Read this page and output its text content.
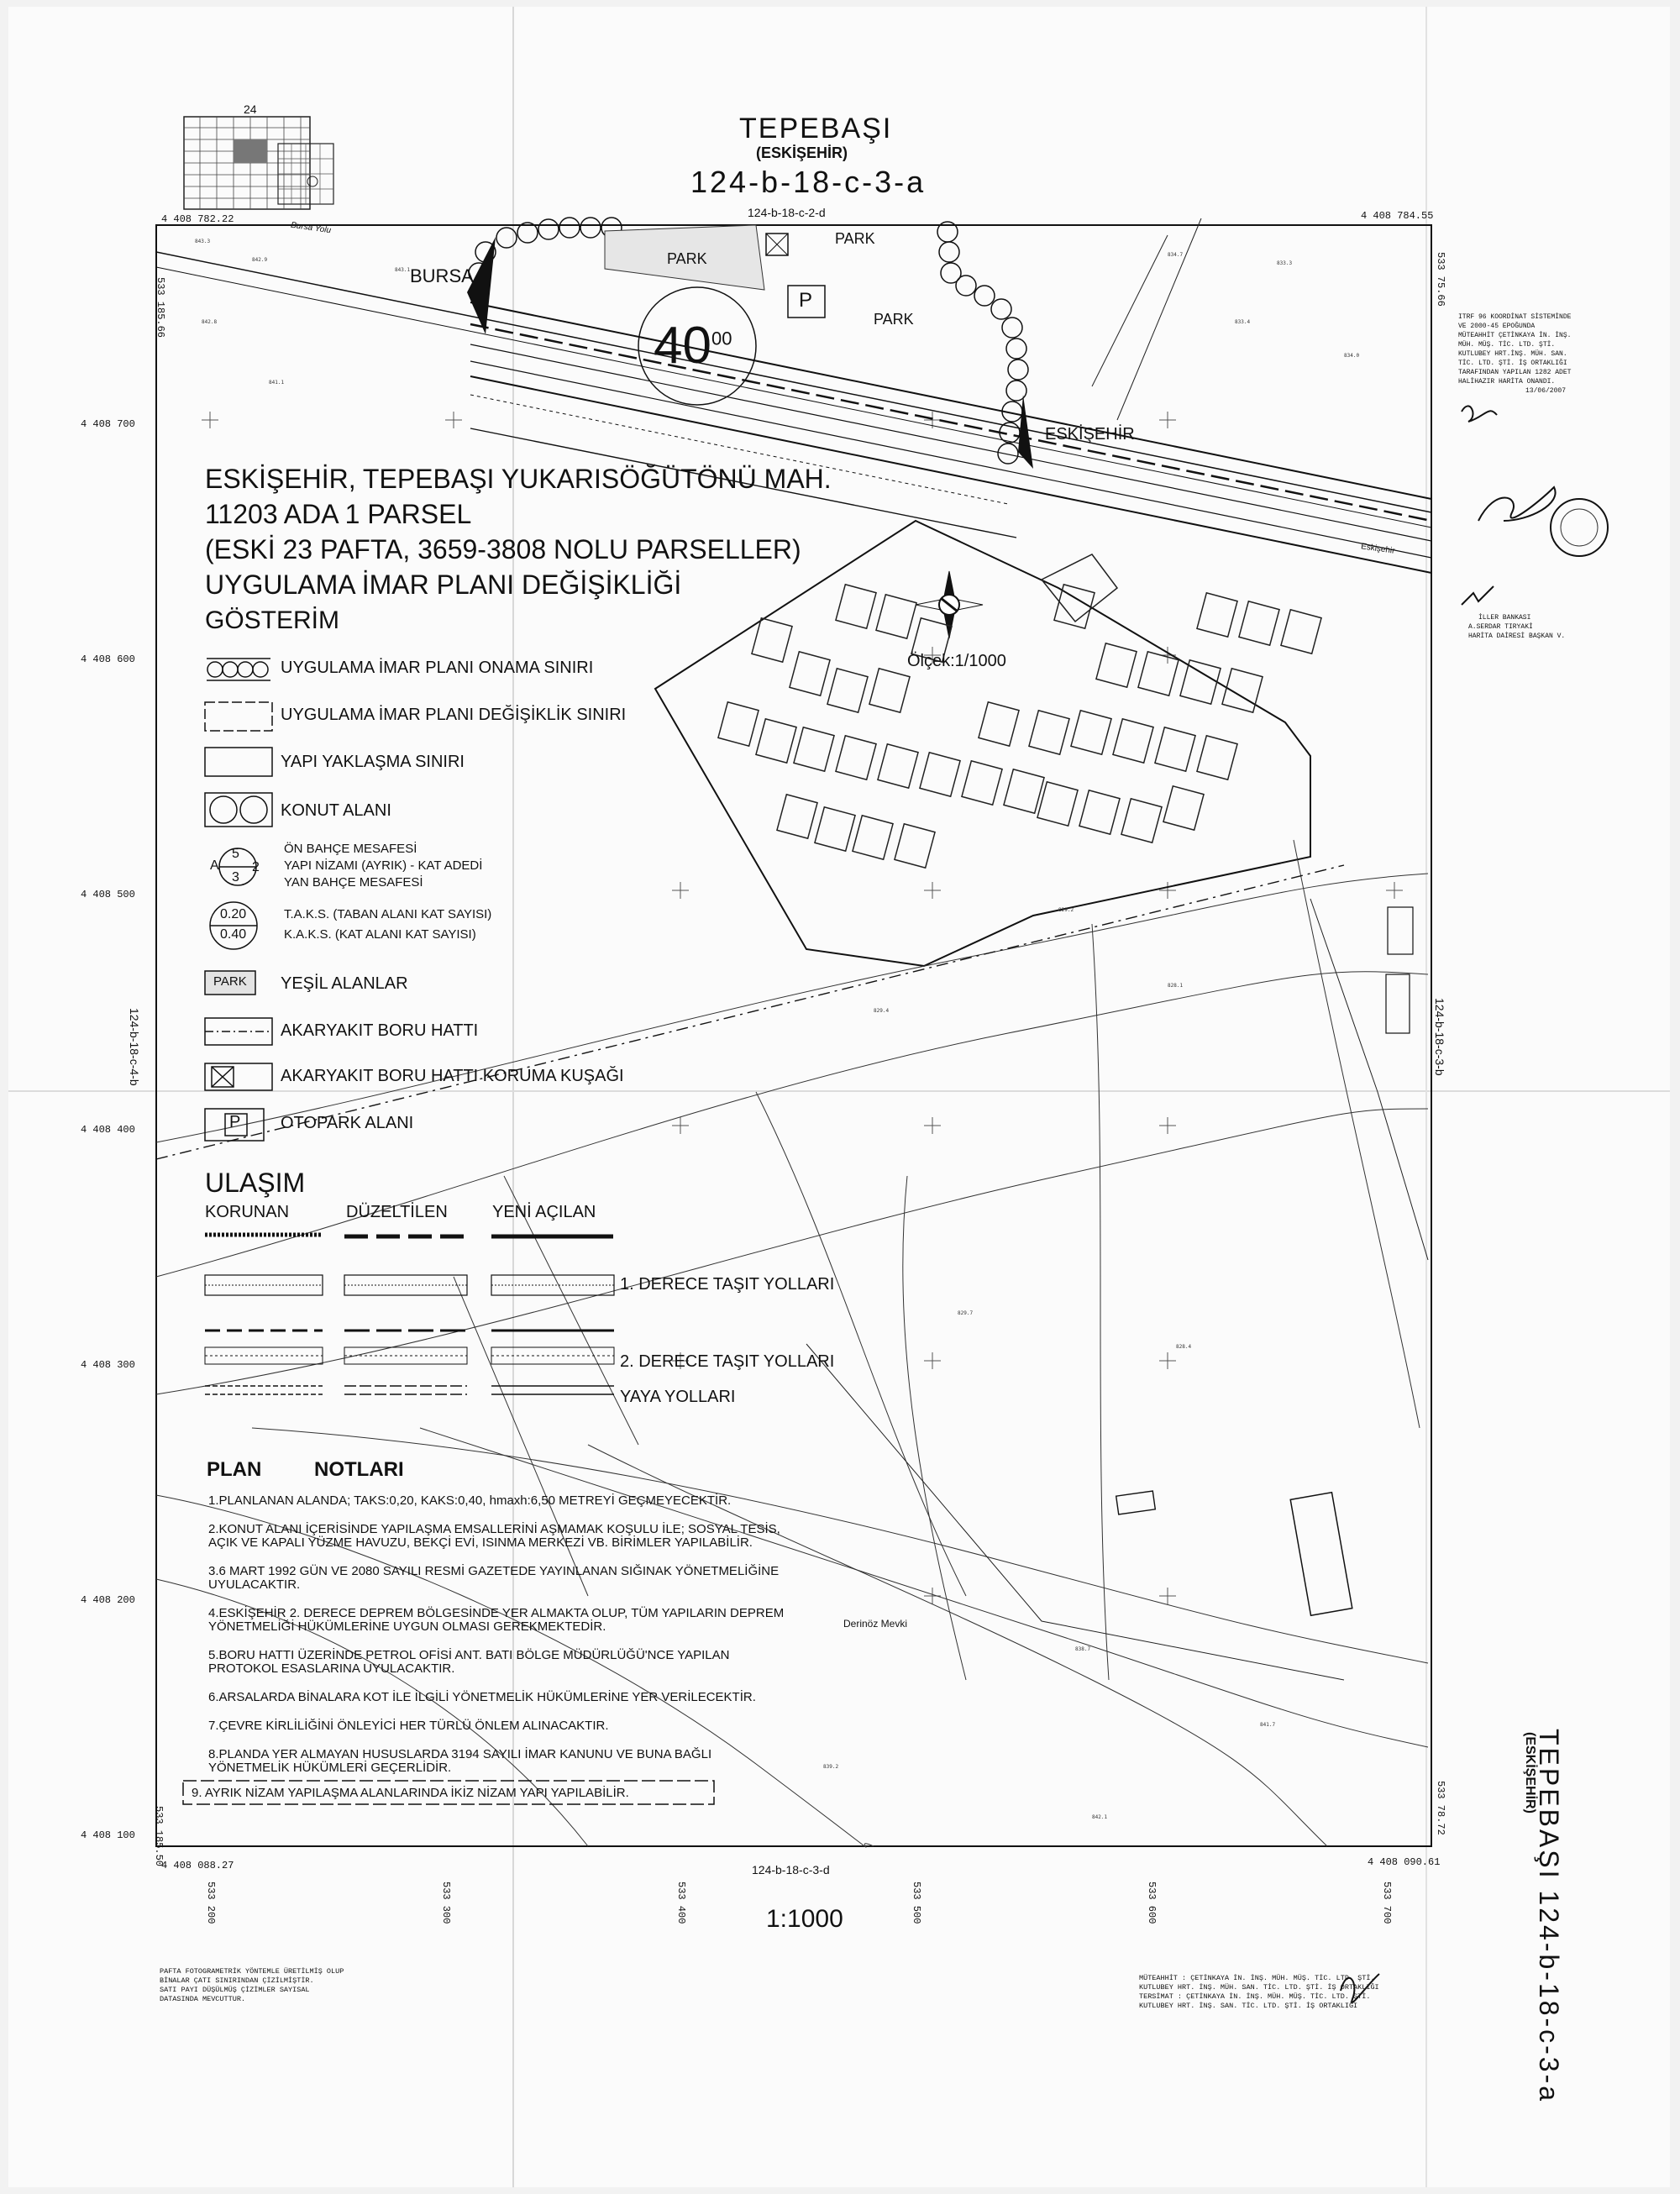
24
TEPEBAŞI
(ESKİŞEHİR)
124-b-18-c-3-a
124-b-18-c-2-d
124-b-18-c-3-d
124-b-18-c-4-b	124-b-18-c-3-b
4 408 782.22	4 408 784.55
4 408 088.27	4 408 090.61
533 185.66	533 75.66
533 185.50	533 78.72
4 408 700
4 408 600
4 408 500
4 408 400
4 408 300
4 408 200
4 408 100
533 200	533 300	533 400	533 500	533 600	533 700
843.3
842.9
843.1
842.8
841.1
834.7
833.3
833.4
834.0
829.2
828.1
829.4
829.7
828.4
838.7
839.2
841.7
842.1
Bursa Yolu
BURSA
ESKİŞEHİR
Eskişehir
PARK
PARK
PARK
P
$40^{00}$
Ölçek:1/1000
Derinöz Mevki
ESKİŞEHİR, TEPEBAŞI YUKARISÖĞÜTÖNÜ MAH.
11203 ADA 1 PARSEL
(ESKİ 23 PAFTA, 3659-3808 NOLU PARSELLER)
UYGULAMA İMAR PLANI DEĞİŞİKLİĞİ
GÖSTERİM
UYGULAMA İMAR PLANI ONAMA SINIRI
UYGULAMA İMAR PLANI DEĞİŞİKLİK SINIRI
YAPI YAKLAŞMA SINIRI
KONUT ALANI
ÖN BAHÇE MESAFESİ
YAPI NİZAMI (AYRIK) - KAT ADEDİ
YAN BAHÇE MESAFESİ
T.A.K.S. (TABAN ALANI KAT SAYISI)
K.A.K.S. (KAT ALANI KAT SAYISI)
YEŞİL ALANLAR
AKARYAKIT BORU HATTI
AKARYAKIT BORU HATTI KORUMA KUŞAĞI
OTOPARK ALANI
5
A 2
3
0.20
0.40
PARK
P
ULAŞIM
KORUNAN	DÜZELTİLEN	YENİ AÇILAN
1. DERECE TAŞIT YOLLARI
2. DERECE TAŞIT YOLLARI
YAYA YOLLARI
PLAN	NOTLARI
1.PLANLANAN ALANDA; TAKS:0,20, KAKS:0,40, hmaxh:6,50 METREYİ GEÇMEYECEKTİR.
2.KONUT ALANI İÇERİSİNDE YAPILAŞMA EMSALLERİNİ AŞMAMAK KOŞULU İLE; SOSYAL TESİS,
AÇIK VE KAPALI YÜZME HAVUZU, BEKÇİ EVİ, ISINMA MERKEZİ VB. BİRİMLER YAPILABİLİR.
3.6 MART 1992 GÜN VE 2080 SAYILI RESMİ GAZETEDE YAYINLANAN SIĞINAK YÖNETMELİĞİNE
UYULACAKTIR.
4.ESKİŞEHİR 2. DERECE DEPREM BÖLGESİNDE YER ALMAKTA OLUP, TÜM YAPILARIN DEPREM
YÖNETMELİĞİ HÜKÜMLERİNE UYGUN OLMASI GEREKMEKTEDİR.
5.BORU HATTI ÜZERİNDE PETROL OFİSİ ANT. BATI BÖLGE MÜDÜRLÜĞÜ'NCE YAPILAN
PROTOKOL ESASLARINA UYULACAKTIR.
6.ARSALARDA BİNALARA KOT İLE İLGİLİ YÖNETMELİK HÜKÜMLERİNE YER VERİLECEKTİR.
7.ÇEVRE KİRLİLİĞİNİ ÖNLEYİCİ HER TÜRLÜ ÖNLEM ALINACAKTIR.
8.PLANDA YER ALMAYAN HUSUSLARDA 3194 SAYILI İMAR KANUNU VE BUNA BAĞLI
YÖNETMELİK HÜKÜMLERİ GEÇERLİDİR.
9. AYRIK NİZAM YAPILAŞMA ALANLARINDA İKİZ NİZAM YAPI YAPILABİLİR.
1:1000
ITRF 96 KOORDİNAT SİSTEMİNDE
VE 2000-45 EPOĞUNDA
MÜTEAHHİT ÇETİNKAYA İN. İNŞ.
MÜH. MÜŞ. TİC. LTD. ŞTİ.
KUTLUBEY HRT.İNŞ. MÜH. SAN.
TİC. LTD. ŞTİ. İŞ ORTAKLIĞI
TARAFINDAN YAPILAN 1282 ADET
HALİHAZIR HARİTA ONANDI.
13/06/2007
İLLER BANKASI
A.SERDAR TIRYAKİ
HARİTA DAİRESİ BAŞKAN V.
TEPEBAŞI 124-b-18-c-3-a
(ESKİŞEHİR)
PAFTA FOTOGRAMETRİK YÖNTEMLE ÜRETİLMİŞ OLUP
BİNALAR ÇATI SINIRINDAN ÇİZİLMİŞTİR.
SATI PAYI DÜŞÜLMÜŞ ÇİZİMLER SAYISAL
DATASINDA MEVCUTTUR.
MÜTEAHHİT : ÇETİNKAYA İN. İNŞ. MÜH. MÜŞ. TİC. LTD. ŞTİ.
KUTLUBEY HRT. İNŞ. MÜH. SAN. TİC. LTD. ŞTİ. İŞ ORTAKLIĞI
TERSİMAT : ÇETİNKAYA İN. İNŞ. MÜH. MÜŞ. TİC. LTD. ŞTİ.
KUTLUBEY HRT. İNŞ. SAN. TİC. LTD. ŞTİ. İŞ ORTAKLIĞI
